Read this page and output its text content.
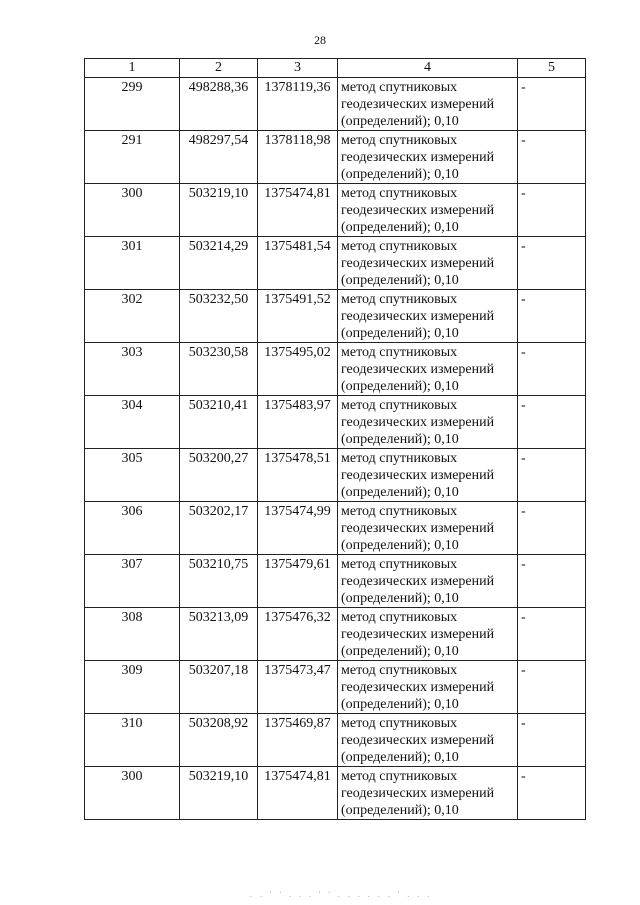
28
1	2	3	4	5
299	498288,36	1378119,36	метод спутниковых геодезических измерений (определений); 0,10	-
291	498297,54	1378118,98	метод спутниковых геодезических измерений (определений); 0,10	-
300	503219,10	1375474,81	метод спутниковых геодезических измерений (определений); 0,10	-
301	503214,29	1375481,54	метод спутниковых геодезических измерений (определений); 0,10	-
302	503232,50	1375491,52	метод спутниковых геодезических измерений (определений); 0,10	-
303	503230,58	1375495,02	метод спутниковых геодезических измерений (определений); 0,10	-
304	503210,41	1375483,97	метод спутниковых геодезических измерений (определений); 0,10	-
305	503200,27	1375478,51	метод спутниковых геодезических измерений (определений); 0,10	-
306	503202,17	1375474,99	метод спутниковых геодезических измерений (определений); 0,10	-
307	503210,75	1375479,61	метод спутниковых геодезических измерений (определений); 0,10	-
308	503213,09	1375476,32	метод спутниковых геодезических измерений (определений); 0,10	-
309	503207,18	1375473,47	метод спутниковых геодезических измерений (определений); 0,10	-
310	503208,92	1375469,87	метод спутниковых геодезических измерений (определений); 0,10	-
300	503219,10	1375474,81	метод спутниковых геодезических измерений (определений); 0,10	-
. . ' ' . . . ' ' . . . . . . ' . . .
